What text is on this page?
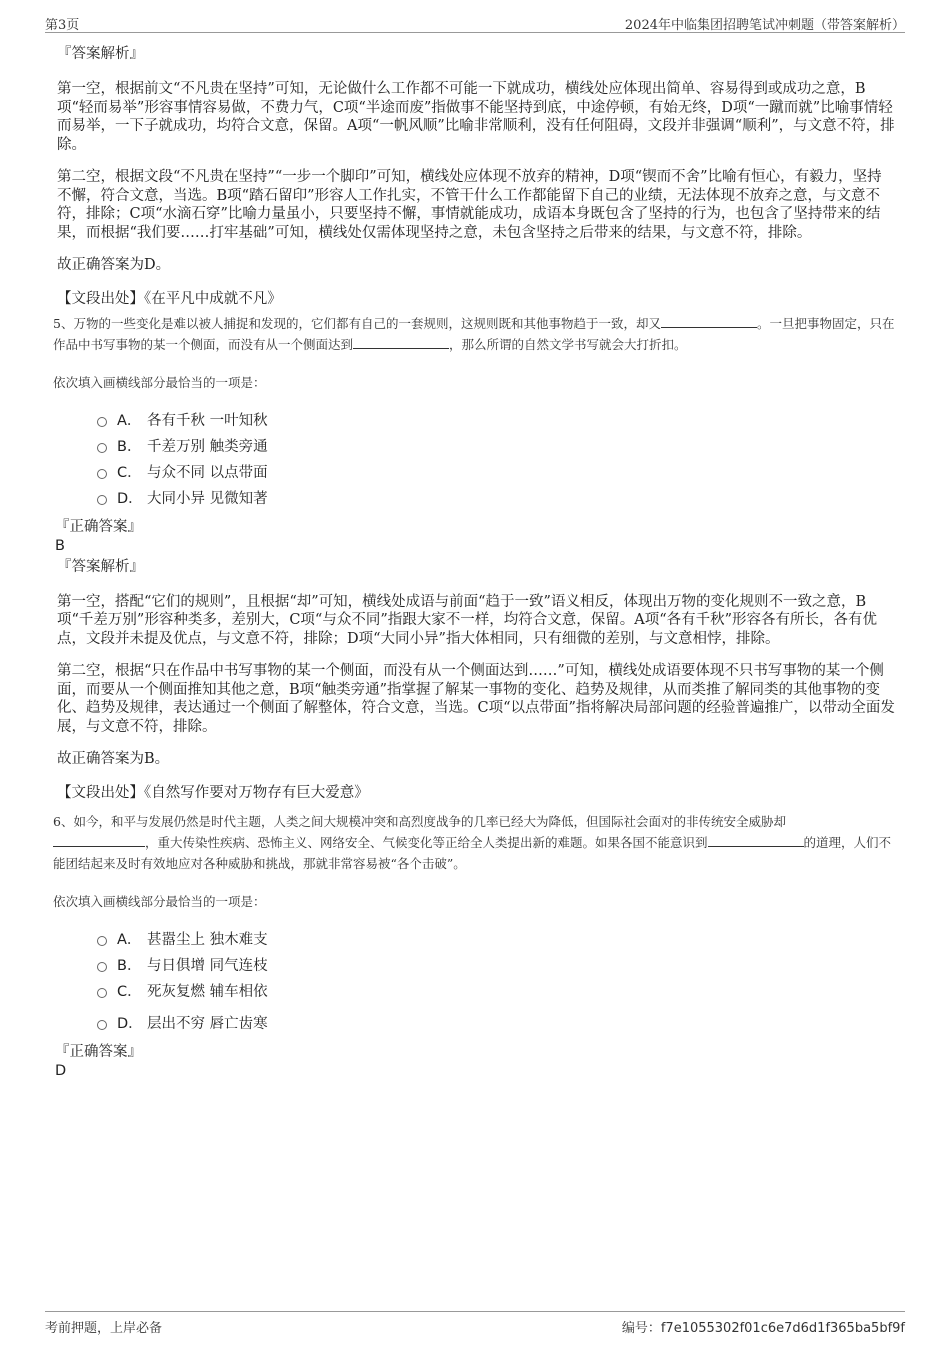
第3页	2024年中临集团招聘笔试冲刺题（带答案解析）

『答案解析』

第一空，根据前文“不凡贵在坚持”可知，无论做什么工作都不可能一下就成功，横线处应体现出简单、容易得到或成功之意，B项“轻而易举”形容事情容易做，不费力气，C项“半途而废”指做事不能坚持到底，中途停顿，有始无终，D项“一蹴而就”比喻事情轻而易举，一下子就成功，均符合文意，保留。A项“一帆风顺”比喻非常顺利，没有任何阻碍，文段并非强调“顺利”，与文意不符，排除。

第二空，根据文段“不凡贵在坚持”“一步一个脚印”可知，横线处应体现不放弃的精神，D项“锲而不舍”比喻有恒心，有毅力，坚持不懈，符合文意，当选。B项“踏石留印”形容人工作扎实，不管干什么工作都能留下自己的业绩，无法体现不放弃之意，与文意不符，排除；C项“水滴石穿”比喻力量虽小，只要坚持不懈，事情就能成功，成语本身既包含了坚持的行为，也包含了坚持带来的结果，而根据“我们要……打牢基础”可知，横线处仅需体现坚持之意，未包含坚持之后带来的结果，与文意不符，排除。

故正确答案为D。

【文段出处】《在平凡中成就不凡》

5、万物的一些变化是难以被人捕捉和发现的，它们都有自己的一套规则，这规则既和其他事物趋于一致，却又	。一旦把事物固定，只在作品中书写事物的某一个侧面，而没有从一个侧面达到	，那么所谓的自然文学书写就会大打折扣。

依次填入画横线部分最恰当的一项是：

A． 各有千秋 一叶知秋
B． 千差万别 触类旁通
C． 与众不同 以点带面
D． 大同小异 见微知著

『正确答案』

B

『答案解析』

第一空，搭配“它们的规则”，且根据“却”可知，横线处成语与前面“趋于一致”语义相反，体现出万物的变化规则不一致之意，B项“千差万别”形容种类多，差别大，C项“与众不同”指跟大家不一样，均符合文意，保留。A项“各有千秋”形容各有所长，各有优点，文段并未提及优点，与文意不符，排除；D项“大同小异”指大体相同，只有细微的差别，与文意相悖，排除。

第二空，根据“只在作品中书写事物的某一个侧面，而没有从一个侧面达到……”可知，横线处成语要体现不只书写事物的某一个侧面，而要从一个侧面推知其他之意，B项“触类旁通”指掌握了解某一事物的变化、趋势及规律，从而类推了解同类的其他事物的变化、趋势及规律，表达通过一个侧面了解整体，符合文意，当选。C项“以点带面”指将解决局部问题的经验普遍推广，以带动全面发展，与文意不符，排除。

故正确答案为B。

【文段出处】《自然写作要对万物存有巨大爱意》

6、如今，和平与发展仍然是时代主题，人类之间大规模冲突和高烈度战争的几率已经大为降低，但国际社会面对的非传统安全威胁却
，重大传染性疾病、恐怖主义、网络安全、气候变化等正给全人类提出新的难题。如果各国不能意识到	的道理，人们不能团结起来及时有效地应对各种威胁和挑战，那就非常容易被“各个击破”。

依次填入画横线部分最恰当的一项是：

A． 甚嚣尘上 独木难支
B． 与日俱增 同气连枝
C． 死灰复燃 辅车相依
D． 层出不穷 唇亡齿寒

『正确答案』

D

考前押题，上岸必备	编号：f7e1055302f01c6e7d6d1f365ba5bf9f
